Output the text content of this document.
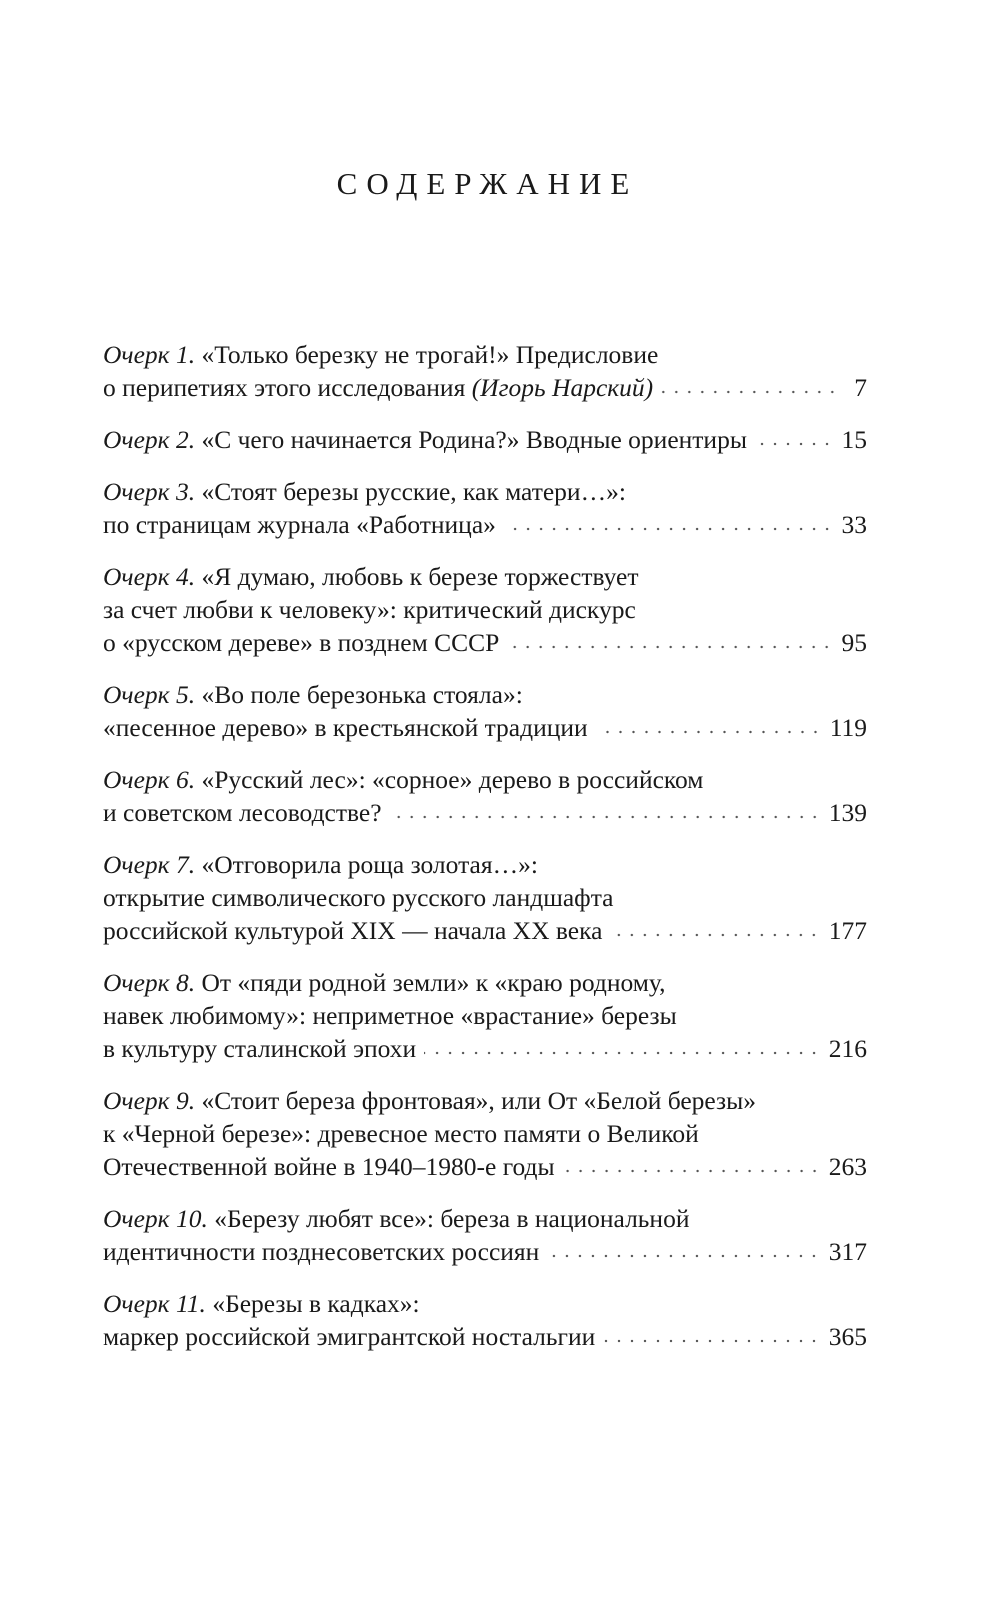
СОДЕРЖАНИЕ
Очерк 1.
«Только березку не трогай!» Предисловие
о перипетиях этого исследования (Игорь Нарский)	7
Очерк 2.
«С чего начинается Родина?» Вводные ориентиры	15
Очерк 3.
«Стоят березы русские, как матери…»:
по страницам журнала «Работница»	33
Очерк 4.
«Я думаю, любовь к березе торжествует
за счет любви к человеку»: критический дискурс
о «русском дереве» в позднем СССР	95
Очерк 5.
«Во поле березонька стояла»:
«песенное дерево» в крестьянской традиции	119
Очерк 6.
«Русский лес»: «сорное» дерево в российском
и советском лесоводстве?	139
Очерк 7.
«Отговорила роща золотая…»:
открытие символического русского ландшафта
российской культурой XIX — начала XX века	177
Очерк 8.
От «пяди родной земли» к «краю родному,
навек любимому»: неприметное «врастание» березы
в культуру сталинской эпохи	216
Очерк 9.
«Стоит береза фронтовая», или От «Белой березы»
к «Черной березе»: древесное место памяти о Великой
Отечественной войне в 1940–1980-е годы	263
Очерк 10.
«Березу любят все»: береза в национальной
идентичности позднесоветских россиян	317
Очерк 11.
«Березы в кадках»:
маркер российской эмигрантской ностальгии	365
